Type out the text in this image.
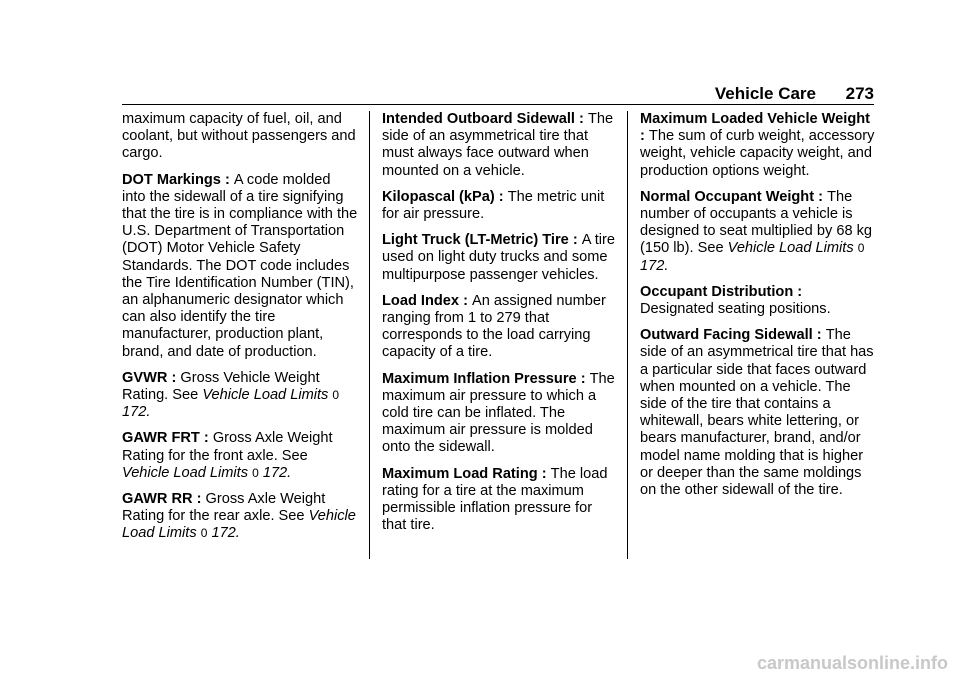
Vehicle Care 273

maximum capacity of fuel, oil, and coolant, but without passengers and cargo.

DOT Markings : A code molded into the sidewall of a tire signifying that the tire is in compliance with the U.S. Department of Transportation (DOT) Motor Vehicle Safety Standards. The DOT code includes the Tire Identification Number (TIN), an alphanumeric designator which can also identify the tire manufacturer, production plant, brand, and date of production.

GVWR : Gross Vehicle Weight Rating. See Vehicle Load Limits 0 172.

GAWR FRT : Gross Axle Weight Rating for the front axle. See Vehicle Load Limits 0 172.

GAWR RR : Gross Axle Weight Rating for the rear axle. See Vehicle Load Limits 0 172.

Intended Outboard Sidewall : The side of an asymmetrical tire that must always face outward when mounted on a vehicle.

Kilopascal (kPa) : The metric unit for air pressure.

Light Truck (LT-Metric) Tire : A tire used on light duty trucks and some multipurpose passenger vehicles.

Load Index : An assigned number ranging from 1 to 279 that corresponds to the load carrying capacity of a tire.

Maximum Inflation Pressure : The maximum air pressure to which a cold tire can be inflated. The maximum air pressure is molded onto the sidewall.

Maximum Load Rating : The load rating for a tire at the maximum permissible inflation pressure for that tire.

Maximum Loaded Vehicle Weight : The sum of curb weight, accessory weight, vehicle capacity weight, and production options weight.

Normal Occupant Weight : The number of occupants a vehicle is designed to seat multiplied by 68 kg (150 lb). See Vehicle Load Limits 0 172.

Occupant Distribution : Designated seating positions.

Outward Facing Sidewall : The side of an asymmetrical tire that has a particular side that faces outward when mounted on a vehicle. The side of the tire that contains a whitewall, bears white lettering, or bears manufacturer, brand, and/or model name molding that is higher or deeper than the same moldings on the other sidewall of the tire.

carmanualsonline.info
